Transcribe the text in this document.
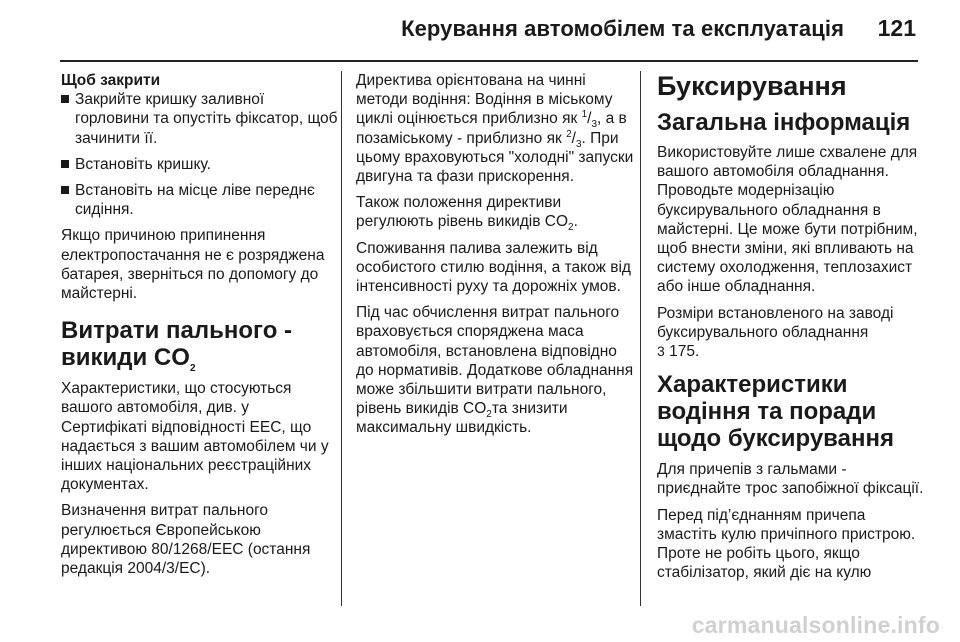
Керування автомобілем та експлуатація 121

Щоб закрити

Закрийте кришку заливної горловини та опустіть фіксатор, щоб зачинити її.
Встановіть кришку.
Встановіть на місце ліве переднє сидіння.

Якщо причиною припинення електропостачання не є розряджена батарея, зверніться по допомогу до майстерні.

Витрати пального -
викиди $CO_2$

Характеристики, що стосуються вашого автомобіля, див. у Сертифікаті відповідності ЕЕС, що надається з вашим автомобілем чи у інших національних реєстраційних документах.

Визначення витрат пального регулюється Європейською директивою 80/1268/EEC (остання редакція 2004/3/EC).

Директива орієнтована на чинні методи водіння: Водіння в міському циклі оцінюється приблизно як $^1/_3$, а в позаміському - приблизно як $^2/_3$. При цьому враховуються "холодні" запуски двигуна та фази прискорення.

Також положення директиви регулюють рівень викидів $CO_2$.

Споживання палива залежить від особистого стилю водіння, а також від інтенсивності руху та дорожніх умов.

Під час обчислення витрат пального враховується споряджена маса автомобіля, встановлена відповідно до нормативів. Додаткове обладнання може збільшити витрати пального, рівень викидів $CO_2та$ знизити максимальну швидкість.

Буксирування
Загальна інформація

Використовуйте лише схвалене для вашого автомобіля обладнання. Проводьте модернізацію буксирувального обладнання в майстерні. Це може бути потрібним, щоб внести зміни, які впливають на систему охолодження, теплозахист або інше обладнання.

Розміри встановленого на заводі буксирувального обладнання
3 175.

Характеристики водіння та поради щодо буксирування

Для причепів з гальмами - приєднайте трос запобіжної фіксації.

Перед під’єднанням причепа змастіть кулю причіпного пристрою. Проте не робіть цього, якщо стабілізатор, який діє на кулю

carmanualsonline.info
